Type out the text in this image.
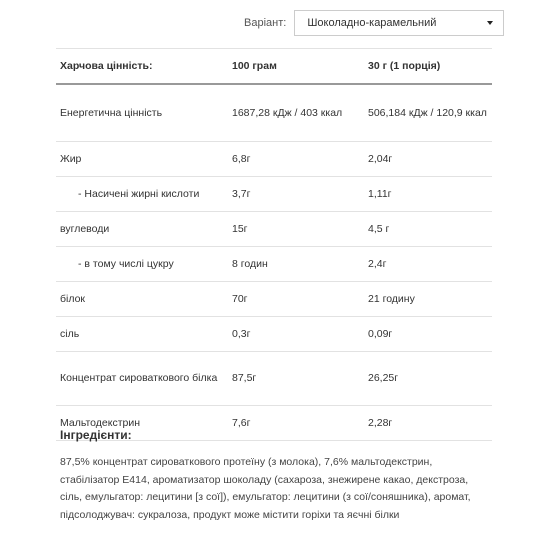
Варіант: Шоколадно-карамельний
Харчова цінність:	100 грам	30 г (1 порція)
Енергетична цінність	1687,28 кДж / 403 ккал	506,184 кДж / 120,9 ккал
Жир	6,8г	2,04г
- Насичені жирні кислоти	3,7г	1,11г
вуглеводи	15г	4,5 г
- в тому числі цукру	8 годин	2,4г
білок	70г	21 годину
сіль	0,3г	0,09г
Концентрат сироваткового білка	87,5г	26,25г
Мальтодекстрин	7,6г	2,28г
Інгредієнти:
87,5% концентрат сироваткового протеїну (з молока), 7,6% мальтодекстрин, стабілізатор Е414, ароматизатор шоколаду (сахароза, знежирене какао, декстроза, сіль, емульгатор: лецитини [з сої]), емульгатор: лецитини (з сої/соняшника), аромат, підсолоджувач: сукралоза, продукт може містити горіхи та яєчні білки
